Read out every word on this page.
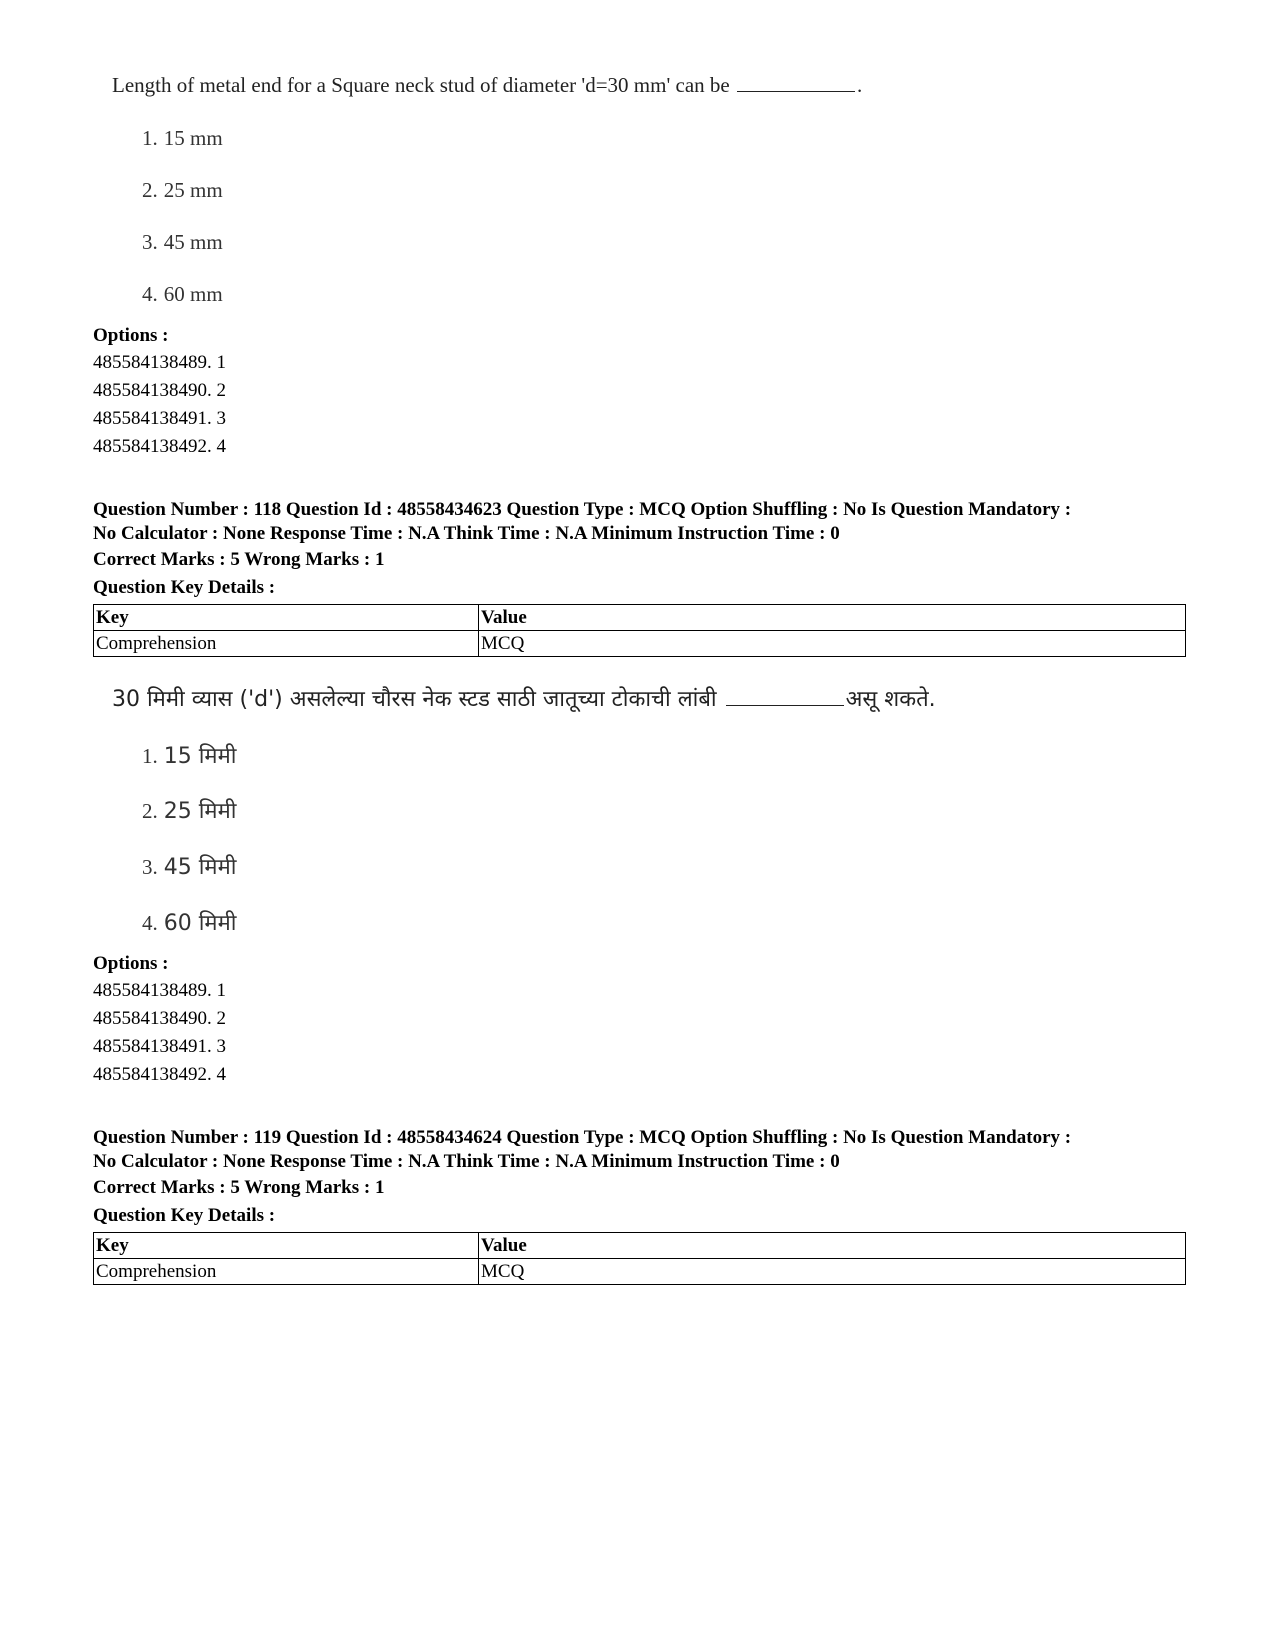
Length of metal end for a Square neck stud of diameter 'd=30 mm' can be	.
1. 15 mm
2. 25 mm
3. 45 mm
4. 60 mm
Options :
485584138489. 1
485584138490. 2
485584138491. 3
485584138492. 4
Question Number : 118 Question Id : 48558434623 Question Type : MCQ Option Shuffling : No Is Question Mandatory :
No Calculator : None Response Time : N.A Think Time : N.A Minimum Instruction Time : 0
Correct Marks : 5 Wrong Marks : 1
Question Key Details :
Key	Value
Comprehension	MCQ
30 मिमी व्यास ('d') असलेल्या चौरस नेक स्टड साठी जातूच्या टोकाची लांबी	असू शकते.
1. 15 मिमी
2. 25 मिमी
3. 45 मिमी
4. 60 मिमी
Options :
485584138489. 1
485584138490. 2
485584138491. 3
485584138492. 4
Question Number : 119 Question Id : 48558434624 Question Type : MCQ Option Shuffling : No Is Question Mandatory :
No Calculator : None Response Time : N.A Think Time : N.A Minimum Instruction Time : 0
Correct Marks : 5 Wrong Marks : 1
Question Key Details :
Key	Value
Comprehension	MCQ
